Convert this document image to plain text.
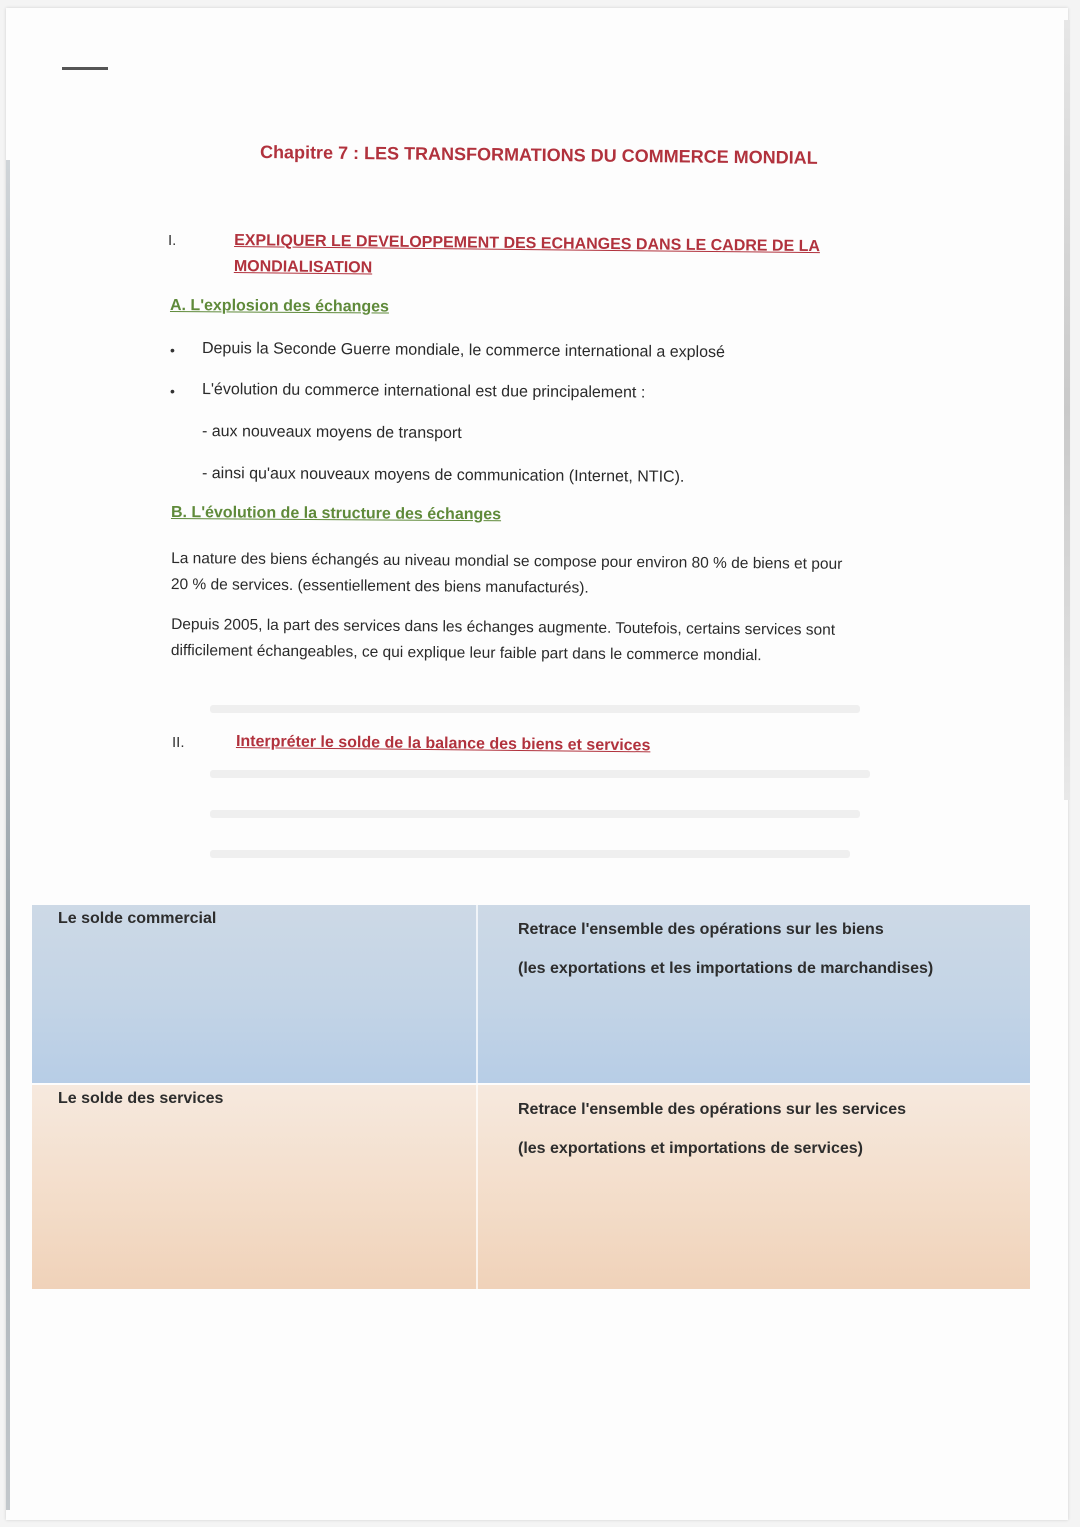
Chapitre 7 : LES TRANSFORMATIONS DU COMMERCE MONDIAL
I.	EXPLIQUER LE DEVELOPPEMENT DES ECHANGES DANS LE CADRE DE LA
MONDIALISATION
A. L'explosion des échanges
• Depuis la Seconde Guerre mondiale, le commerce international a explosé
• L'évolution du commerce international est due principalement :
- aux nouveaux moyens de transport
- ainsi qu'aux nouveaux moyens de communication (Internet, NTIC).
B. L'évolution de la structure des échanges
La nature des biens échangés au niveau mondial se compose pour environ 80 % de biens et pour
20 % de services. (essentiellement des biens manufacturés).
Depuis 2005, la part des services dans les échanges augmente. Toutefois, certains services sont
difficilement échangeables, ce qui explique leur faible part dans le commerce mondial.
II.	Interpréter le solde de la balance des biens et services
Le solde commercial
Retrace l'ensemble des opérations sur les biens
(les exportations et les importations de marchandises)
Le solde des services
Retrace l'ensemble des opérations sur les services
(les exportations et importations de services)
